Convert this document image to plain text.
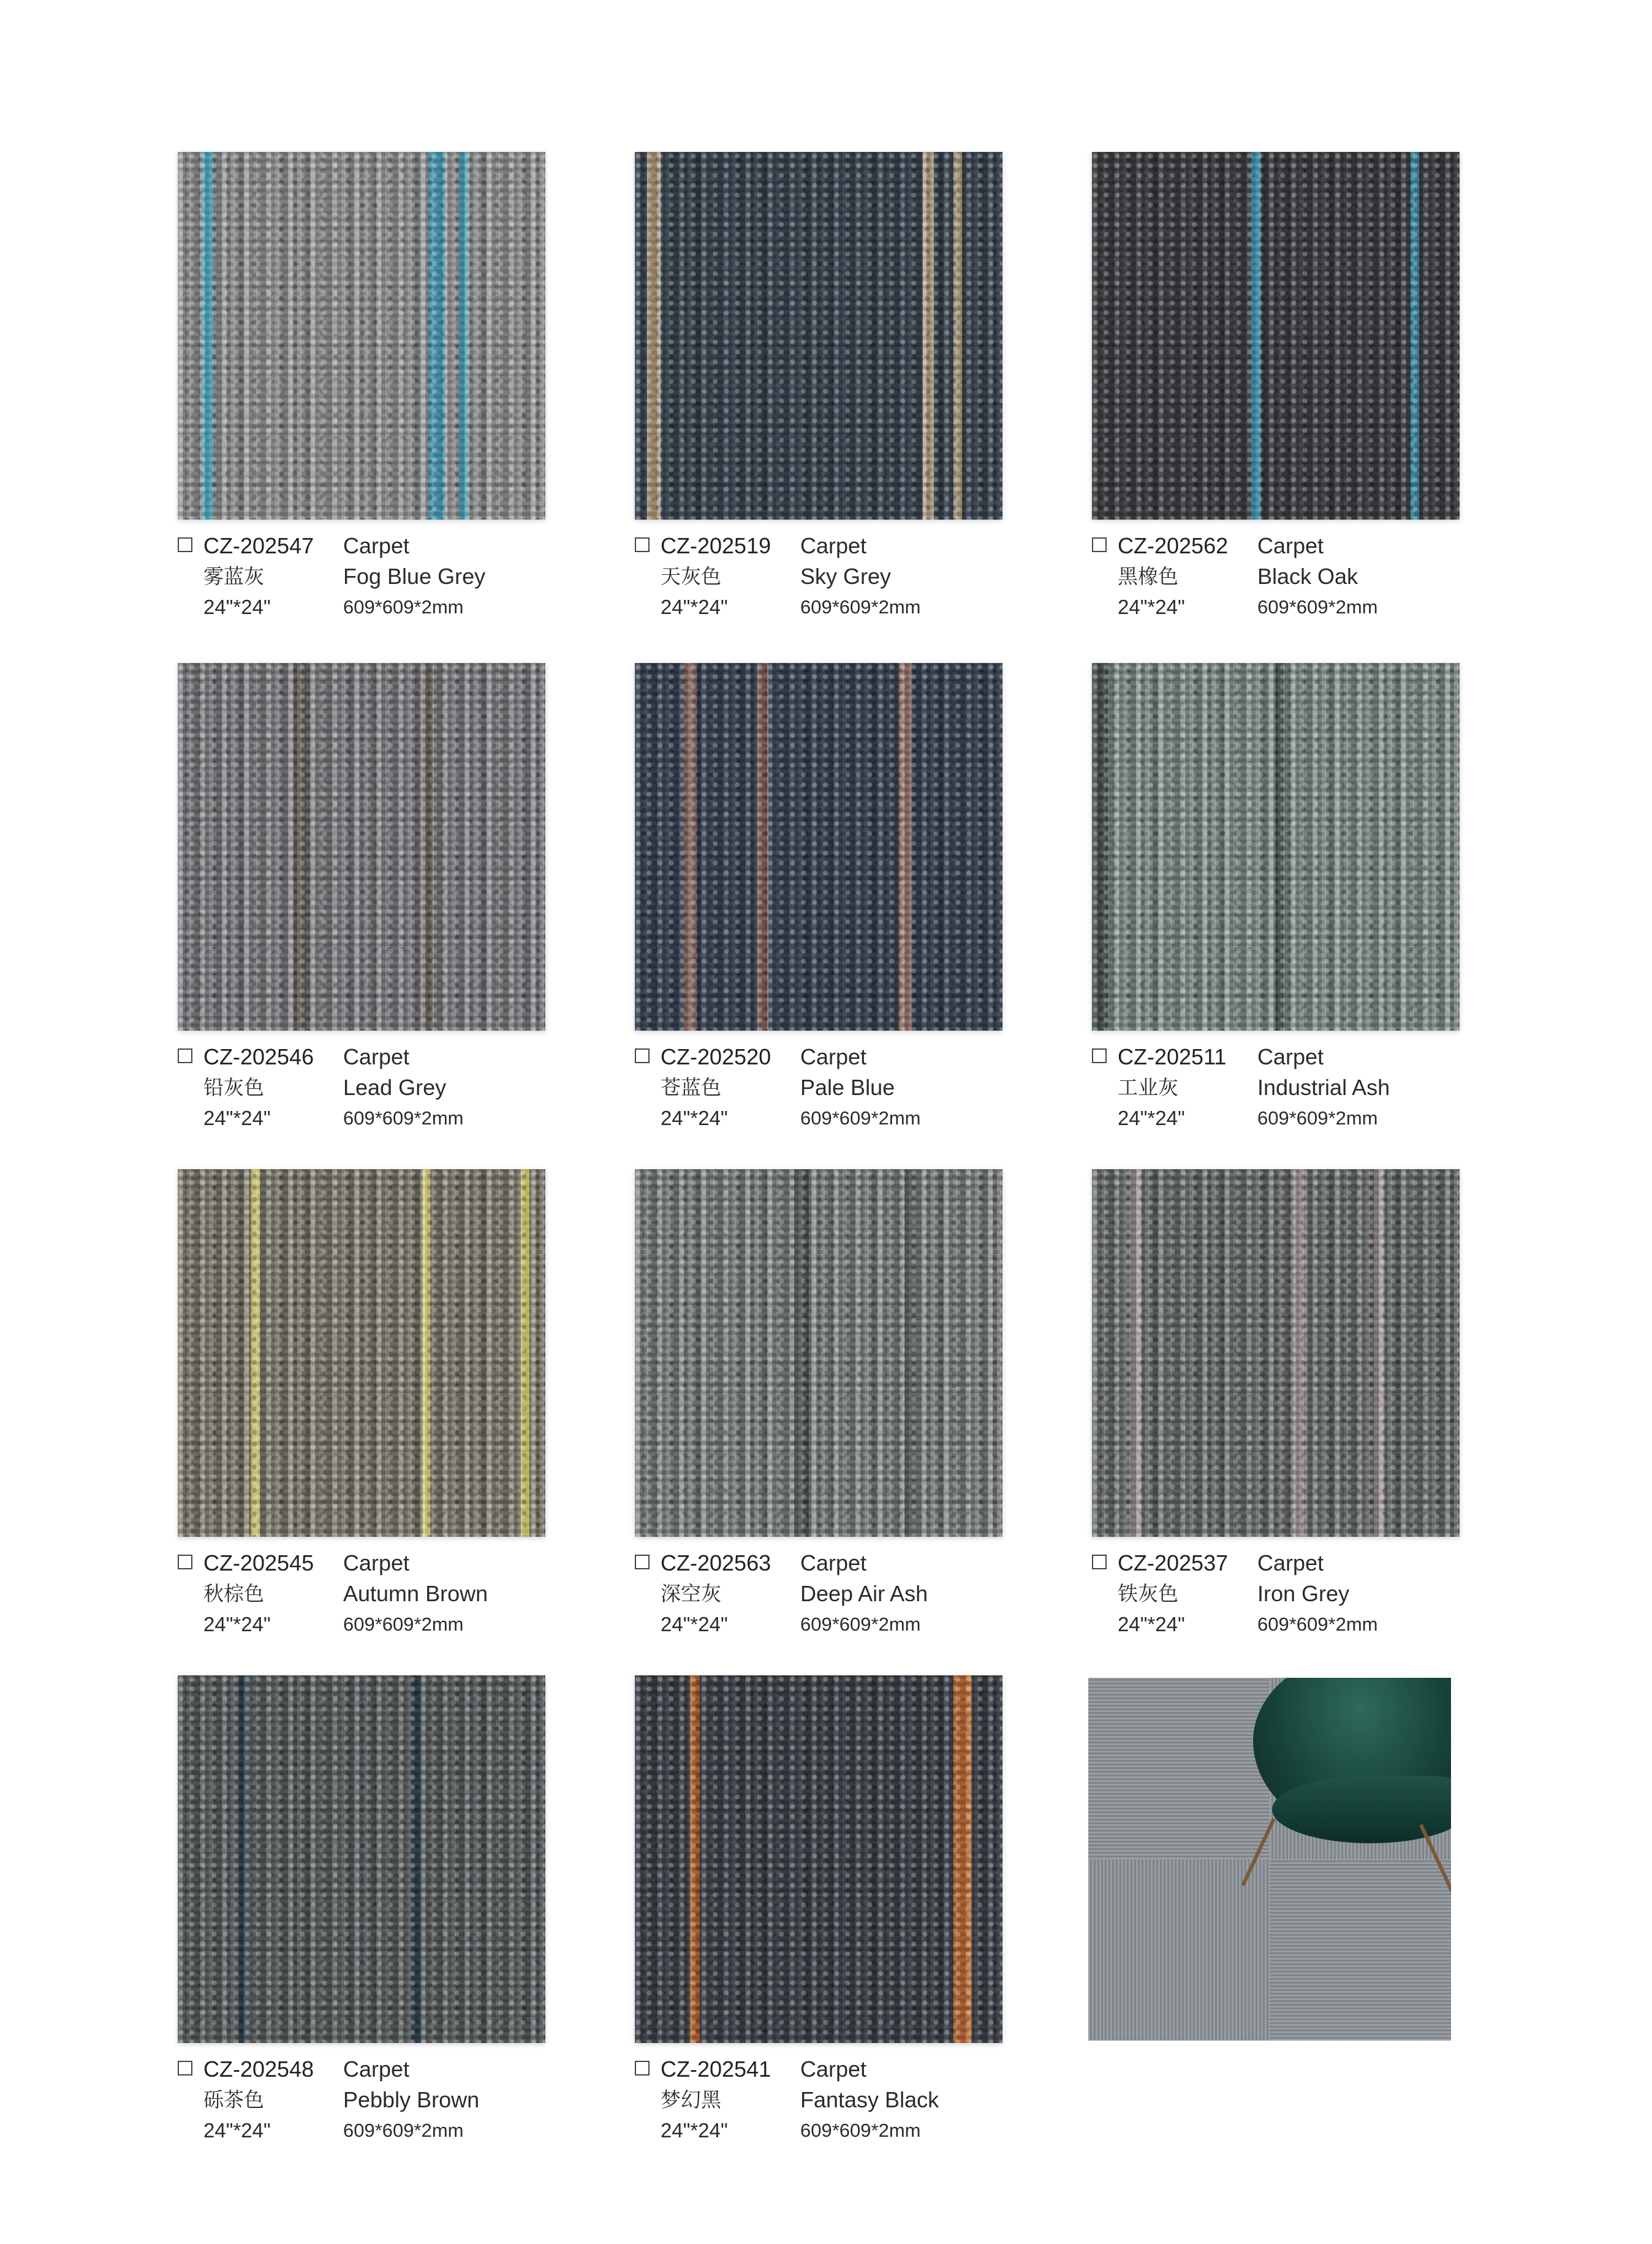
CZ-202547
雾蓝灰
24"*24"
Carpet
Fog Blue Grey
609*609*2mm
CZ-202519
天灰色
24"*24"
Carpet
Sky Grey
609*609*2mm
CZ-202562
黑橡色
24"*24"
Carpet
Black Oak
609*609*2mm
CZ-202546
铅灰色
24"*24"
Carpet
Lead Grey
609*609*2mm
CZ-202520
苍蓝色
24"*24"
Carpet
Pale Blue
609*609*2mm
CZ-202511
工业灰
24"*24"
Carpet
Industrial Ash
609*609*2mm
CZ-202545
秋棕色
24"*24"
Carpet
Autumn Brown
609*609*2mm
CZ-202563
深空灰
24"*24"
Carpet
Deep Air Ash
609*609*2mm
CZ-202537
铁灰色
24"*24"
Carpet
Iron Grey
609*609*2mm
CZ-202548
砾茶色
24"*24"
Carpet
Pebbly Brown
609*609*2mm
CZ-202541
梦幻黑
24"*24"
Carpet
Fantasy Black
609*609*2mm
